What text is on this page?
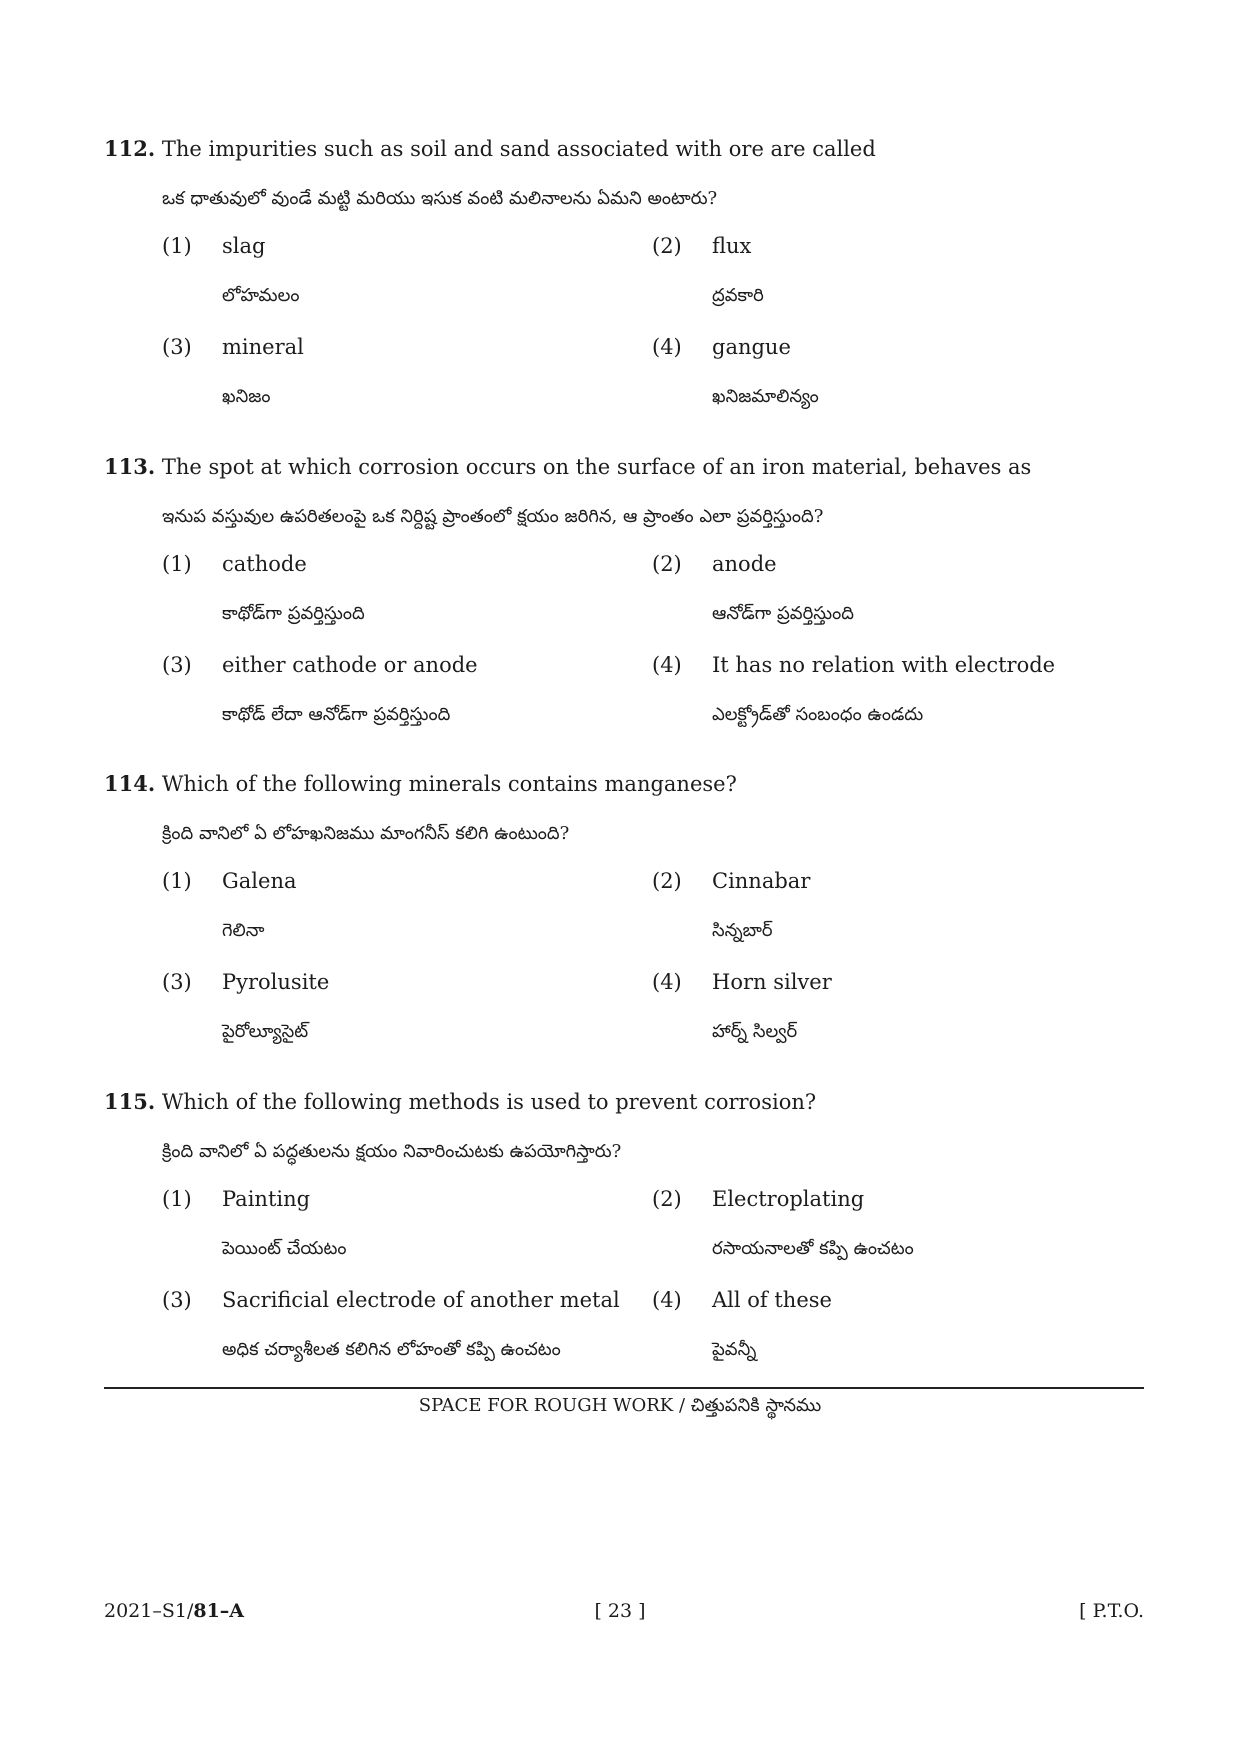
112. The impurities such as soil and sand associated with ore are called
ఒక ధాతువులో వుండే మట్టి మరియు ఇసుక వంటి మలినాలను ఏమని అంటారు?
(1) slag
లోహమలం
(2) flux
ద్రవకారి
(3) mineral
ఖనిజం
(4) gangue
ఖనిజమాలిన్యం
113. The spot at which corrosion occurs on the surface of an iron material, behaves as
ఇనుప వస్తువుల ఉపరితలంపై ఒక నిర్దిష్ట ప్రాంతంలో క్షయం జరిగిన, ఆ ప్రాంతం ఎలా ప్రవర్తిస్తుంది?
(1) cathode
కాథోడ్‌గా ప్రవర్తిస్తుంది
(2) anode
ఆనోడ్‌గా ప్రవర్తిస్తుంది
(3) either cathode or anode
కాథోడ్ లేదా ఆనోడ్‌గా ప్రవర్తిస్తుంది
(4) It has no relation with electrode
ఎలక్ట్రోడ్‌తో సంబంధం ఉండదు
114. Which of the following minerals contains manganese?
క్రింది వానిలో ఏ లోహఖనిజము మాంగనీస్ కలిగి ఉంటుంది?
(1) Galena
గెలినా
(2) Cinnabar
సిన్నబార్
(3) Pyrolusite
పైరోల్యూసైట్
(4) Horn silver
హార్న్ సిల్వర్
115. Which of the following methods is used to prevent corrosion?
క్రింది వానిలో ఏ పద్ధతులను క్షయం నివారించుటకు ఉపయోగిస్తారు?
(1) Painting
పెయింట్ చేయటం
(2) Electroplating
రసాయనాలతో కప్పి ఉంచటం
(3) Sacrificial electrode of another metal
అధిక చర్యాశీలత కలిగిన లోహంతో కప్పి ఉంచటం
(4) All of these
పైవన్నీ
SPACE FOR ROUGH WORK / చిత్తుపనికి స్థానము
2021–S1/81–A	[ 23 ]	[ P.T.O.
